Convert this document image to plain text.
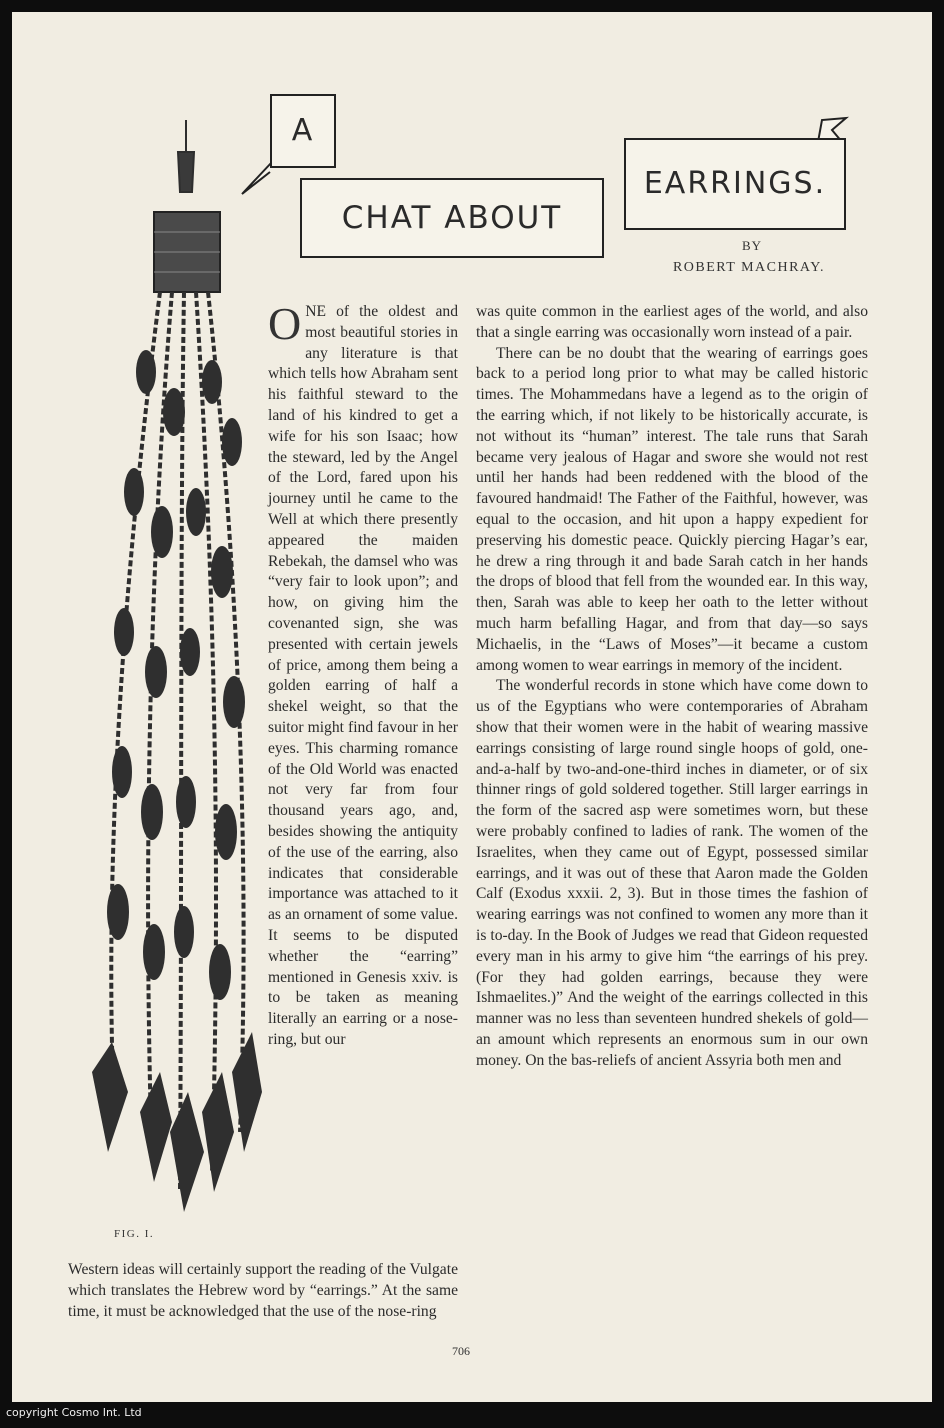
FIG. I.
A
CHAT ABOUT
EARRINGS.
BY
ROBERT MACHRAY.

ONE of the oldest and most beautiful stories in any literature is that which tells how Abraham sent his faithful steward to the land of his kindred to get a wife for his son Isaac; how the steward, led by the Angel of the Lord, fared upon his journey until he came to the Well at which there presently appeared the maiden Rebekah, the damsel who was “very fair to look upon”; and how, on giving him the covenanted sign, she was presented with certain jewels of price, among them being a golden earring of half a shekel weight, so that the suitor might find favour in her eyes. This charming romance of the Old World was enacted not very far from four thousand years ago, and, besides showing the antiquity of the use of the earring, also indicates that considerable importance was attached to it as an ornament of some value. It seems to be disputed whether the “earring” mentioned in Genesis xxiv. is to be taken as meaning literally an earring or a nose-ring, but our

was quite common in the earliest ages of the world, and also that a single earring was occasionally worn instead of a pair.

There can be no doubt that the wearing of earrings goes back to a period long prior to what may be called historic times. The Mohammedans have a legend as to the origin of the earring which, if not likely to be historically accurate, is not without its “human” interest. The tale runs that Sarah became very jealous of Hagar and swore she would not rest until her hands had been reddened with the blood of the favoured handmaid! The Father of the Faithful, however, was equal to the occasion, and hit upon a happy expedient for preserving his domestic peace. Quickly piercing Hagar’s ear, he drew a ring through it and bade Sarah catch in her hands the drops of blood that fell from the wounded ear. In this way, then, Sarah was able to keep her oath to the letter without much harm befalling Hagar, and from that day—so says Michaelis, in the “Laws of Moses”—it became a custom among women to wear earrings in memory of the incident.

The wonderful records in stone which have come down to us of the Egyptians who were contemporaries of Abraham show that their women were in the habit of wearing massive earrings consisting of large round single hoops of gold, one-and-a-half by two-and-one-third inches in diameter, or of six thinner rings of gold soldered together. Still larger earrings in the form of the sacred asp were sometimes worn, but these were probably confined to ladies of rank. The women of the Israelites, when they came out of Egypt, possessed similar earrings, and it was out of these that Aaron made the Golden Calf (Exodus xxxii. 2, 3). But in those times the fashion of wearing earrings was not confined to women any more than it is to-day. In the Book of Judges we read that Gideon requested every man in his army to give him “the earrings of his prey. (For they had golden earrings, because they were Ishmaelites.)” And the weight of the earrings collected in this manner was no less than seventeen hundred shekels of gold—an amount which represents an enormous sum in our own money. On the bas-reliefs of ancient Assyria both men and

Western ideas will certainly support the reading of the Vulgate which translates the Hebrew word by “earrings.” At the same time, it must be acknowledged that the use of the nose-ring

706
copyright Cosmo Int. Ltd
